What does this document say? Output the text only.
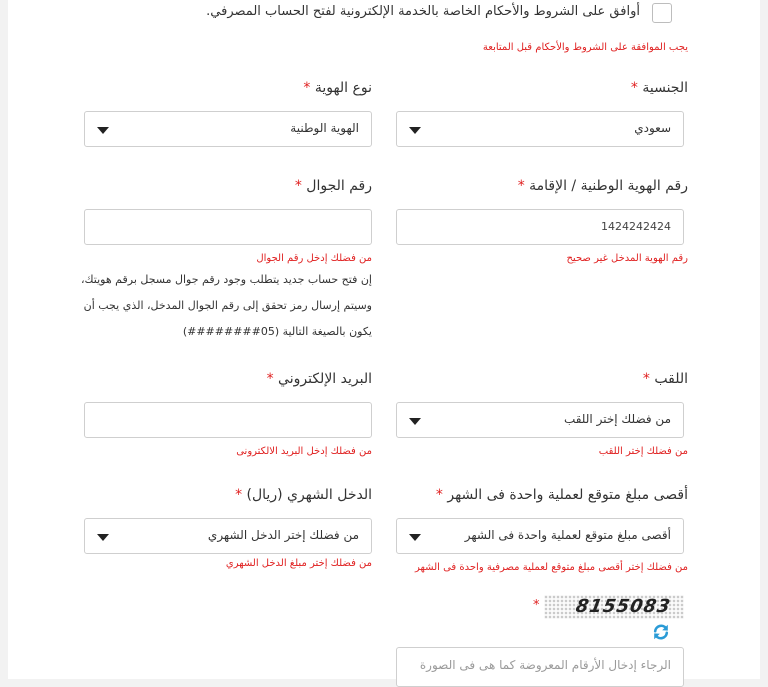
أوافق على الشروط والأحكام الخاصة بالخدمة الإلكترونية لفتح الحساب المصرفي.
يجب الموافقة على الشروط والأحكام قبل المتابعة
الجنسية *
نوع الهوية *
سعودي
الهوية الوطنية
رقم الهوية الوطنية / الإقامة *
رقم الجوال *
1424242424
رقم الهوية المدخل غير صحيح
من فضلك إدخل رقم الجوال
إن فتح حساب جديد يتطلب وجود رقم جوال مسجل برقم هويتك،
وسيتم إرسال رمز تحقق إلى رقم الجوال المدخل، الذي يجب أن
يكون بالصيغة التالية (05########)
اللقب *
البريد الإلكتروني *
من فضلك إختر اللقب
من فضلك إختر اللقب
من فضلك إدخل البريد الالكترونى
أقصى مبلغ متوقع لعملية واحدة فى الشهر *
الدخل الشهري (ريال) *
أقصى مبلغ متوقع لعملية واحدة فى الشهر
من فضلك إختر الدخل الشهري
من فضلك إختر أقصى مبلغ متوقع لعملية مصرفية واحدة فى الشهر
من فضلك إختر مبلغ الدخل الشهري
* 8155083
الرجاء إدخال الأرقام المعروضة كما هى فى الصورة
